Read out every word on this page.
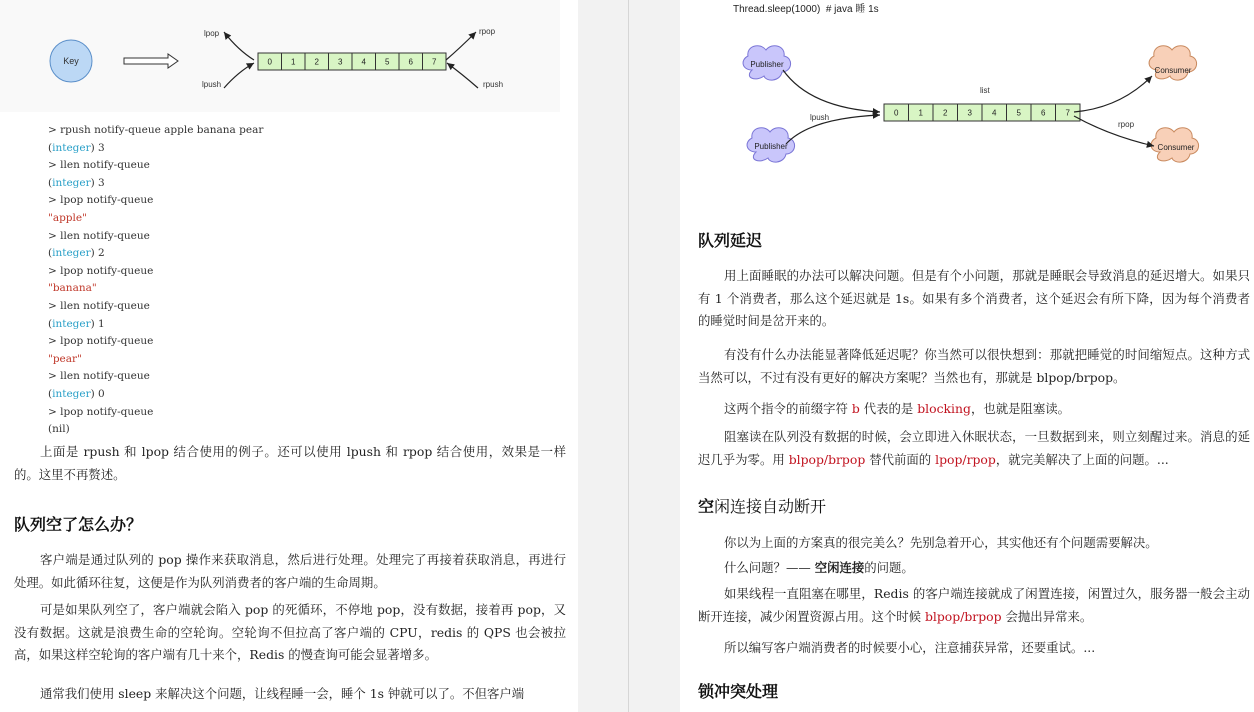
Key	0 1 2 3 4 5 6 7
lpop
lpush
rpop
rpush
> rpush notify-queue apple banana pear
(integer) 3
> llen notify-queue
(integer) 3
> lpop notify-queue
"apple"
> llen notify-queue
(integer) 2
> lpop notify-queue
"banana"
> llen notify-queue
(integer) 1
> lpop notify-queue
"pear"
> llen notify-queue
(integer) 0
> lpop notify-queue
(nil)

上面是 rpush 和 lpop 结合使用的例子。还可以使用 lpush 和 rpop 结合使用，效果是一样的。这里不再赘述。

队列空了怎么办？

客户端是通过队列的 pop 操作来获取消息，然后进行处理。处理完了再接着获取消息，再进行处理。如此循环往复，这便是作为队列消费者的客户端的生命周期。

可是如果队列空了，客户端就会陷入 pop 的死循环，不停地 pop，没有数据，接着再 pop，又没有数据。这就是浪费生命的空轮询。空轮询不但拉高了客户端的 CPU，redis 的 QPS 也会被拉高，如果这样空轮询的客户端有几十来个，Redis 的慢查询可能会显著增多。

通常我们使用 sleep 来解决这个问题，让线程睡一会，睡个 1s 钟就可以了。不但客户端

Thread.sleep(1000)  # java 睡 1s
Publisher
Publisher
Consumer
Consumer
0	1	2	3	4	5	6	7
list
lpush
rpop
队列延迟

用上面睡眠的办法可以解决问题。但是有个小问题，那就是睡眠会导致消息的延迟增大。如果只有 1 个消费者，那么这个延迟就是 1s。如果有多个消费者，这个延迟会有所下降，因为每个消费者的睡觉时间是岔开来的。

有没有什么办法能显著降低延迟呢？你当然可以很快想到：那就把睡觉的时间缩短点。这种方式当然可以，不过有没有更好的解决方案呢？当然也有，那就是 blpop/brpop。

这两个指令的前缀字符 b 代表的是 blocking，也就是阻塞读。

阻塞读在队列没有数据的时候，会立即进入休眠状态，一旦数据到来，则立刻醒过来。消息的延迟几乎为零。用 blpop/brpop 替代前面的 lpop/rpop，就完美解决了上面的问题。...

空闲连接自动断开

你以为上面的方案真的很完美么？先别急着开心，其实他还有个问题需要解决。

什么问题？—— 空闲连接的问题。

如果线程一直阻塞在哪里，Redis 的客户端连接就成了闲置连接，闲置过久，服务器一般会主动断开连接，减少闲置资源占用。这个时候 blpop/brpop 会抛出异常来。

所以编写客户端消费者的时候要小心，注意捕获异常，还要重试。...

锁冲突处理
